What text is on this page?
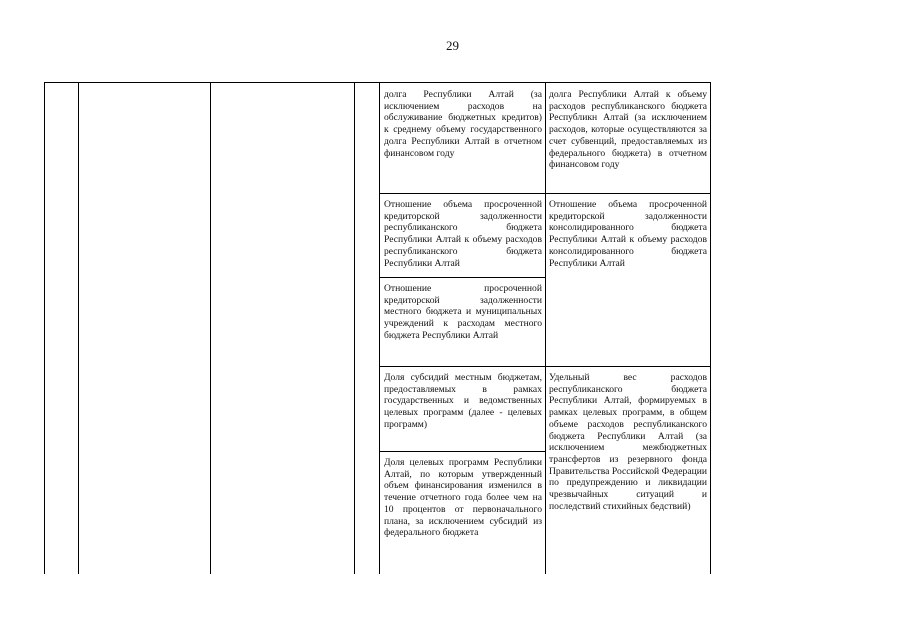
29
долга Республики Алтай (за исключением расходов на обслуживание бюджетных кредитов) к среднему объему государственного долга Республики Алтай в отчетном финансовом году
долга Республики Алтай к объему расходов республиканского бюджета Республикн Алтай (за исключением расходов, которые осуществляются за счет субвенций, предоставляемых из федерального бюджета) в отчетном финансовом году
Отношение объема просроченной кредиторской задолженности республиканского бюджета Республики Алтай к объему расходов республиканского бюджета Республики Алтай
Отношение объема просроченной кредиторской задолженности консолидированного бюджета Республики Алтай к объему расходов консолидированного бюджета Республики Алтай
Отношение просроченной кредиторской задолженности местного бюджета и муниципальных учреждений к расходам местного бюджета Республики Алтай
Доля субсидий местным бюджетам, предоставляемых в рамках государственных и ведомственных целевых программ (далее - целевых программ)
Удельный вес расходов республиканского бюджета Республики Алтай, формируемых в рамках целевых программ, в общем объеме расходов республиканского бюджета Республики Алтай (за исключением межбюджетных трансфертов из резервного фонда Правительства Российской Федерации по предупреждению и ликвидации чрезвычайных ситуаций и последствий стихийных бедствий)
Доля целевых программ Республики Алтай, по которым утвержденный объем финансирования изменился в течение отчетного года более чем на 10 процентов от первоначального плана, за исключением субсидий из федерального бюджета
